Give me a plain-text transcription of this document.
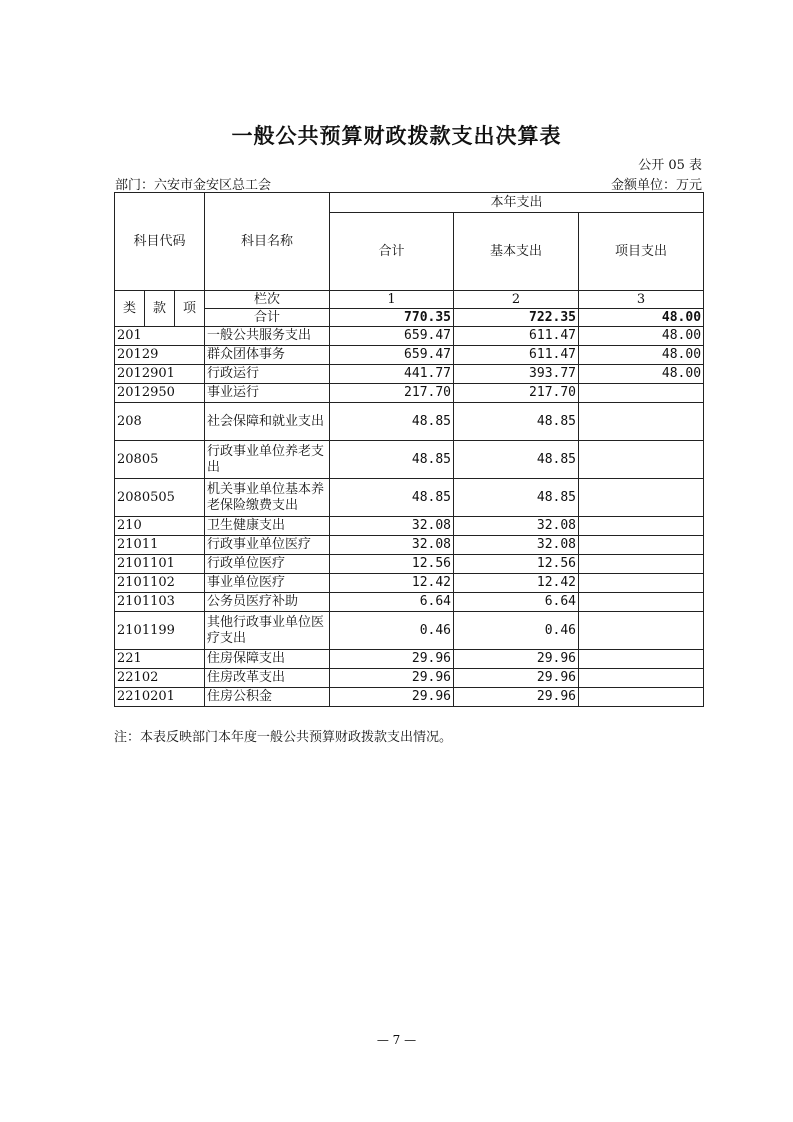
一般公共预算财政拨款支出决算表
公开 05 表
部门：六安市金安区总工会	金额单位：万元
科目代码			科目名称	本年支出		
				合计	基本支出	项目支出
类	款	项	栏次	1	2	3
			合计	770.35	722.35	48.00
201			一般公共服务支出	659.47	611.47	48.00
20129			群众团体事务	659.47	611.47	48.00
2012901			行政运行	441.77	393.77	48.00
2012950			事业运行	217.70	217.70	
208			社会保障和就业支出	48.85	48.85	
20805			行政事业单位养老支出	48.85	48.85	
2080505			机关事业单位基本养老保险缴费支出	48.85	48.85	
210			卫生健康支出	32.08	32.08	
21011			行政事业单位医疗	32.08	32.08	
2101101			行政单位医疗	12.56	12.56	
2101102			事业单位医疗	12.42	12.42	
2101103			公务员医疗补助	6.64	6.64	
2101199			其他行政事业单位医疗支出	0.46	0.46	
221			住房保障支出	29.96	29.96	
22102			住房改革支出	29.96	29.96	
2210201			住房公积金	29.96	29.96	
注：本表反映部门本年度一般公共预算财政拨款支出情况。
— 7 —
